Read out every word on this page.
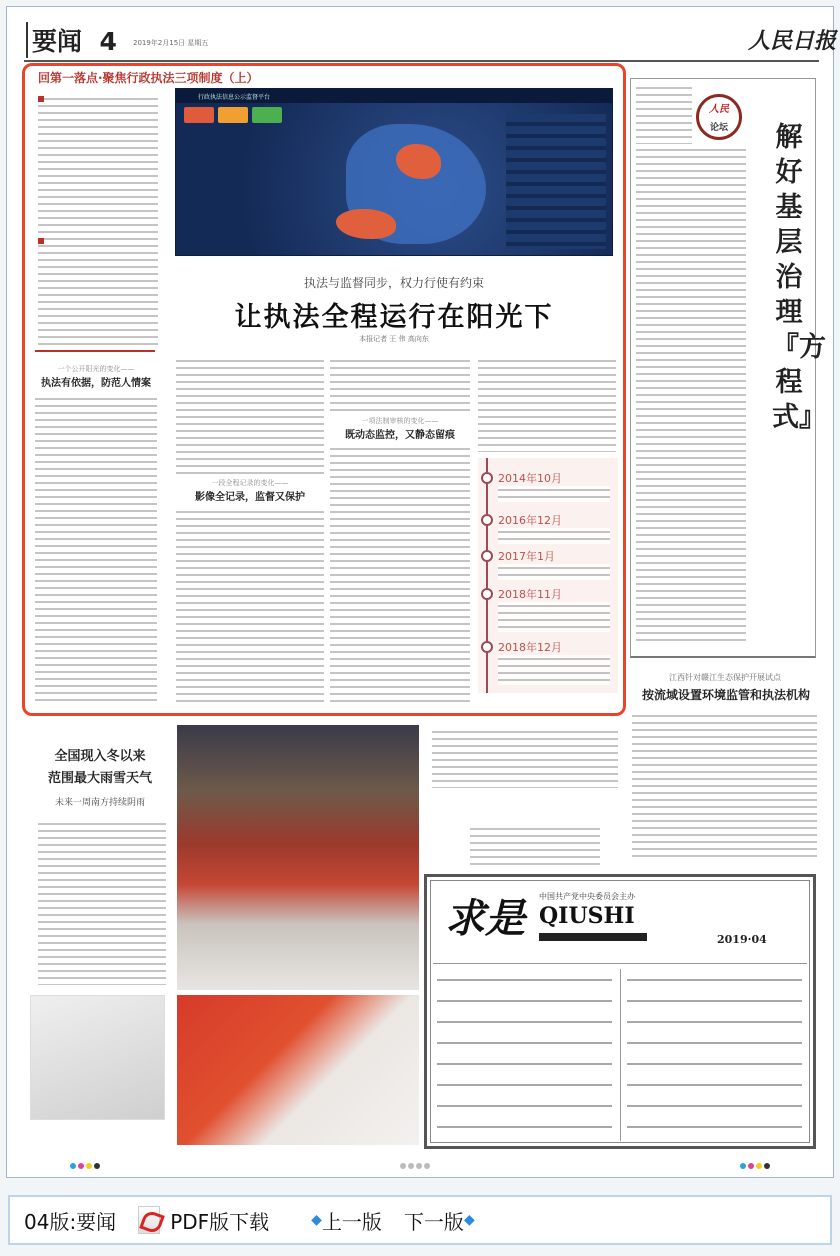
要闻 4 2019年2月15日 星期五	人民日报
回第一落点·聚焦行政执法三项制度（上）
行政执法信息公示监督平台
执法与监督同步，权力行使有约束
让执法全程运行在阳光下
本报记者 王 伟 高向东
一个公开阳光的变化——
执法有依据，防范人情案
一段全程记录的变化——
影像全记录，监督又保护
一项法制审核的变化——
既动态监控，又静态留痕
2014年10月
2016年12月
2017年1月
2018年11月
2018年12月
人民
论坛	解好基层治理『方程式』
江西针对赣江生态保护开展试点
按流域设置环境监管和执法机构
全国现入冬以来
范围最大雨雪天气
未来一周南方持续阴雨
求是 中国共产党中央委员会主办
QIUSHI
2019·04
04版:要闻	PDF版下载	◆ 上一版 下一版 ◆
